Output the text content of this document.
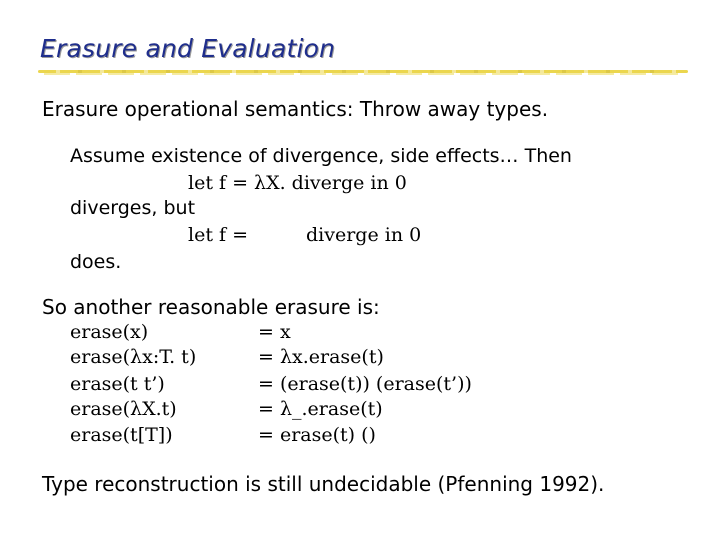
Erasure and Evaluation
Erasure operational semantics: Throw away types.
Assume existence of divergence, side effects… Then
let f = λX. diverge in 0
diverges, but
let f =	diverge in 0
does.
So another reasonable erasure is:
erase(x)	= x
erase(λx:T. t)	= λx.erase(t)
erase(t t’)	= (erase(t)) (erase(t’))
erase(λX.t)	= λ_.erase(t)
erase(t[T])	= erase(t) ()
Type reconstruction is still undecidable (Pfenning 1992).
